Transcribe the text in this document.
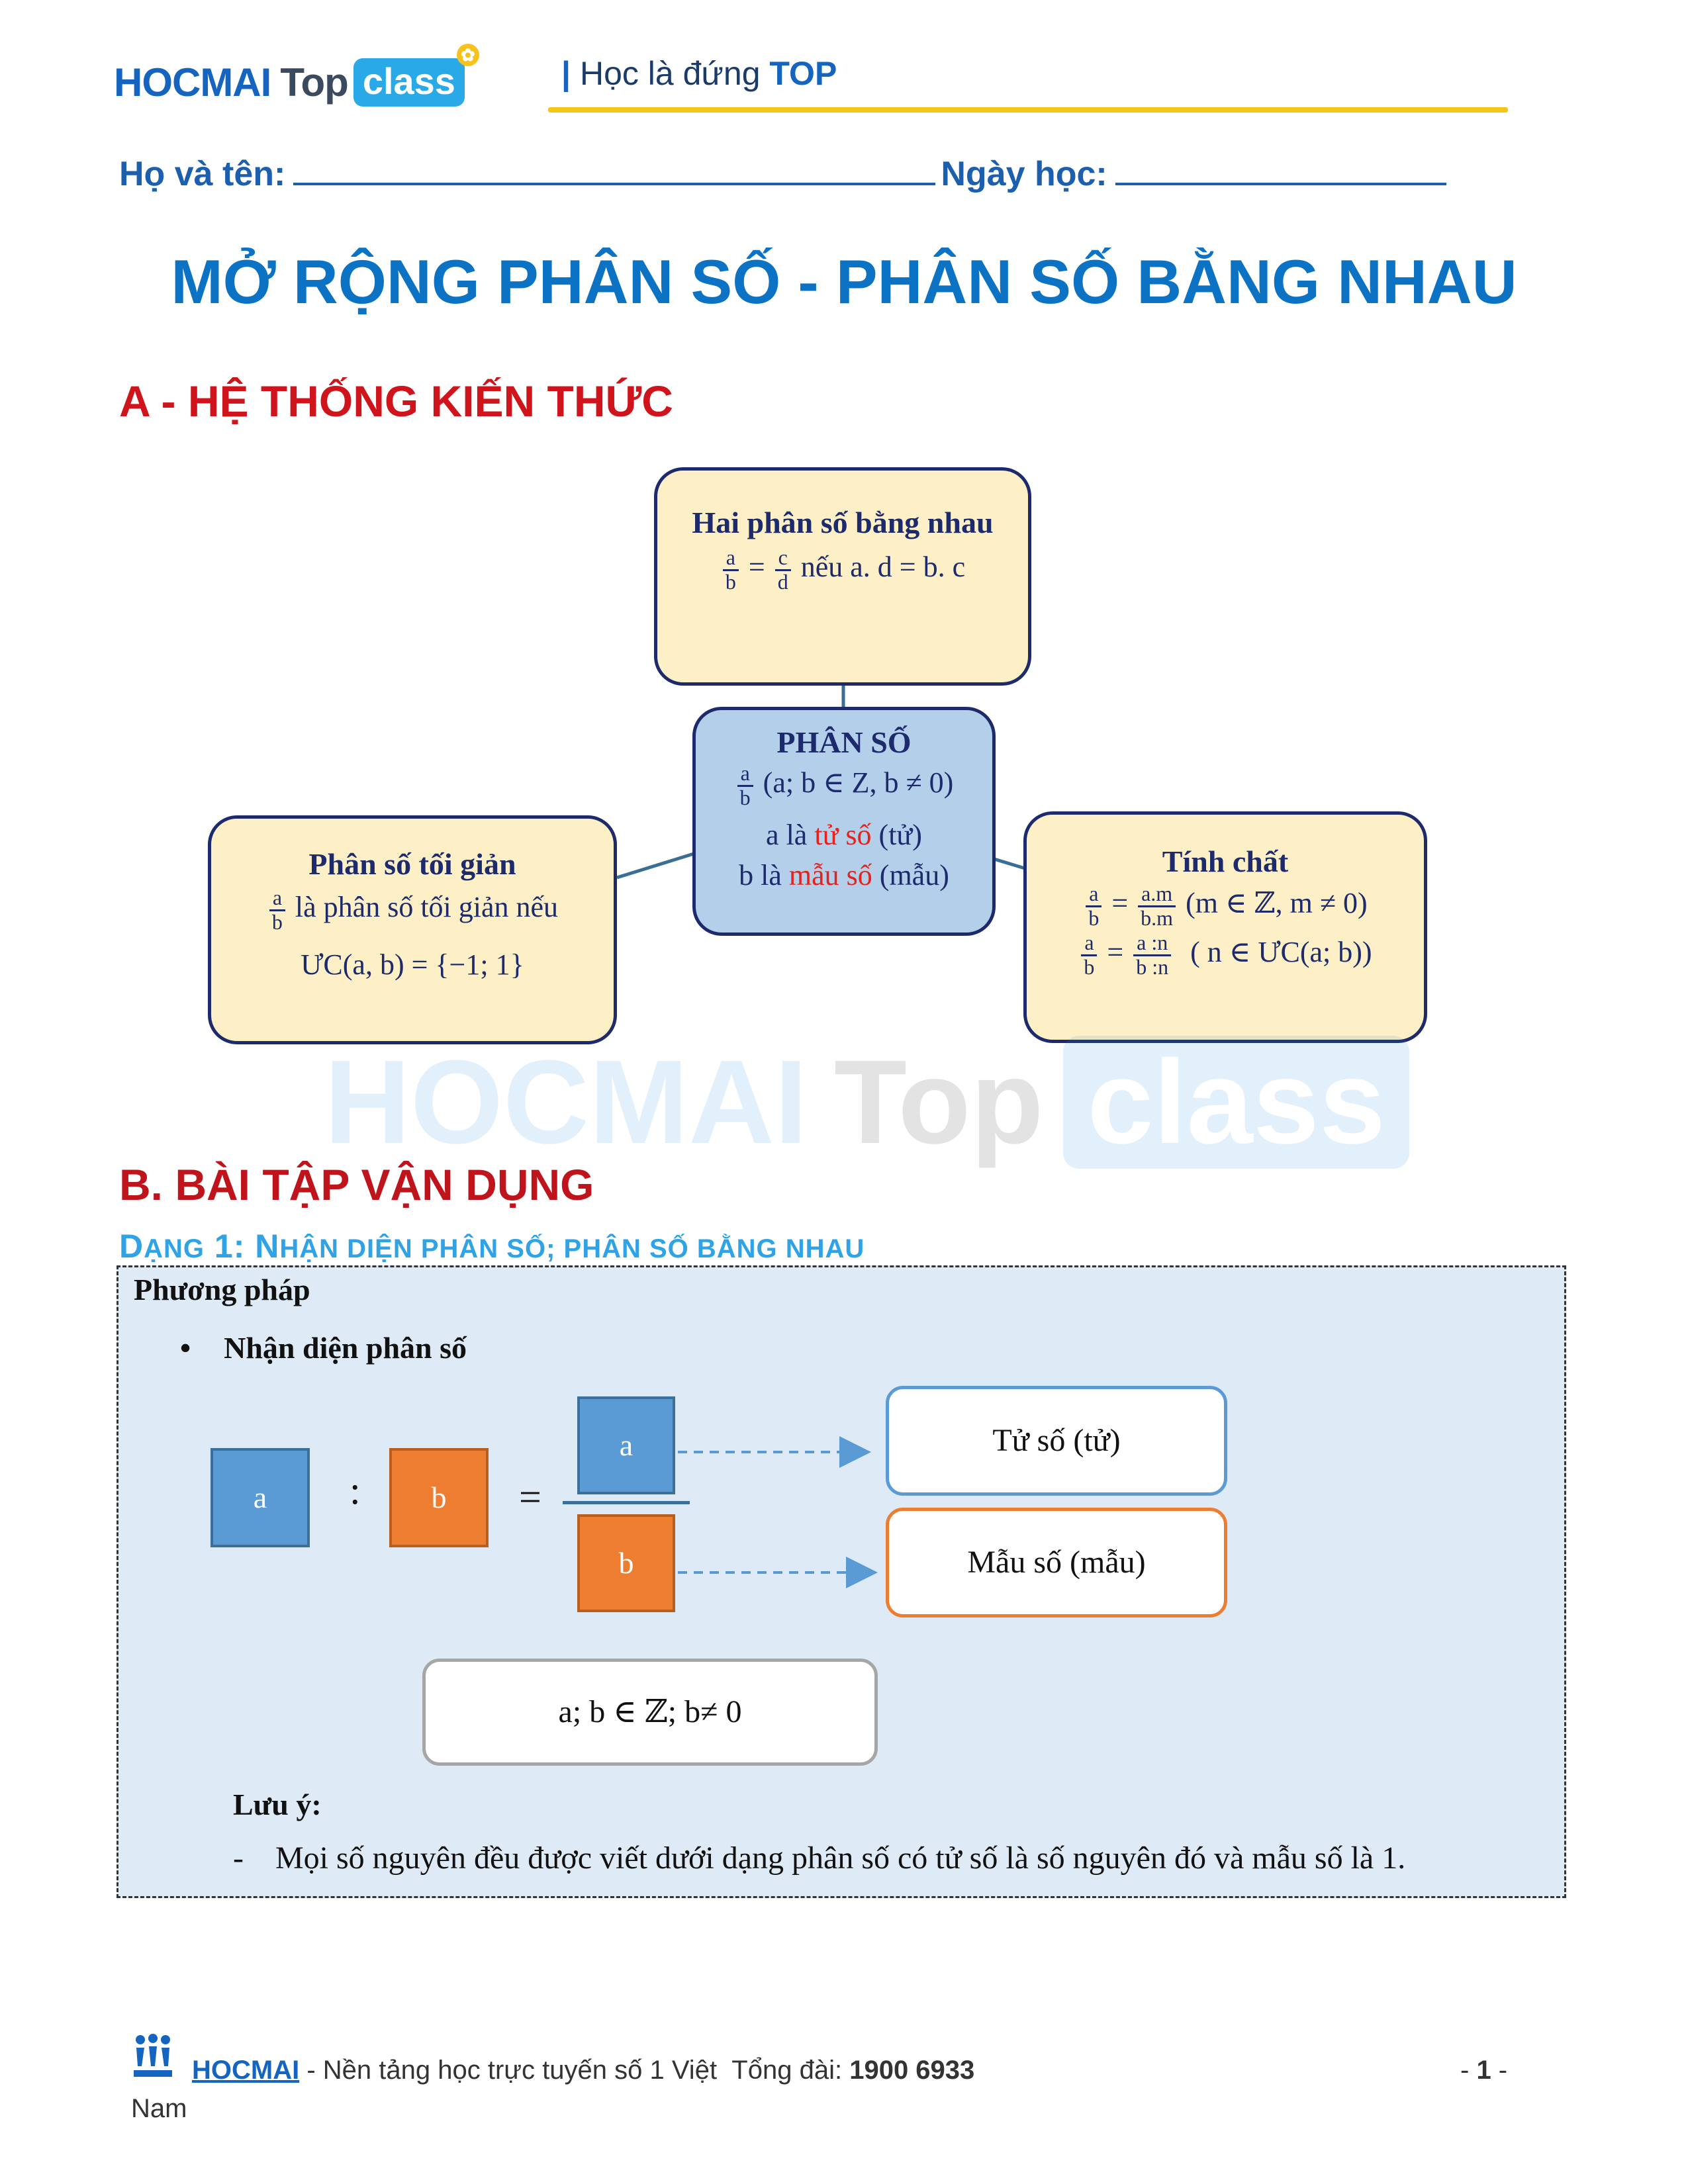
HOCMAI Top class
✿
| Học là đứng TOP
Họ và tên:	Ngày học:
MỞ RỘNG PHÂN SỐ - PHÂN SỐ BẰNG NHAU
A - HỆ THỐNG KIẾN THỨC
Hai phân số bằng nhau
$\frac{a}{b} = \frac{c}{d}$ nếu a. d = b. c
PHÂN SỐ
$\frac{a}{b} (a$; b ∈ Z, b ≠ 0)
a là tử số (tử)
b là mẫu số (mẫu)
Phân số tối giản
$\frac{a}{b}$ là phân số tối giản nếu
ƯC(a, b) = {−1; 1}
Tính chất
$\frac{a}{b} = \frac{a.m}{b.m} (m$ ∈ ℤ, m ≠ 0)
$\frac{a}{b} = \frac{a :n}{b :n}$ ( n ∈ ƯC(a; b))
HOCMAI Top class
B. BÀI TẬP VẬN DỤNG
DẠNG 1: NHẬN DIỆN PHÂN SỐ; PHÂN SỐ BẰNG NHAU
Phương pháp
• Nhận diện phân số
a	:	b	=
a
b
Tử số (tử)
Mẫu số (mẫu)
a; b ∈ ℤ; b≠ 0
Lưu ý:
- Mọi số nguyên đều được viết dưới dạng phân số có tử số là số nguyên đó và mẫu số là 1.
HOCMAI - Nền tảng học trực tuyến số 1 Việt Tổng đài: 1900 6933	- 1 -
Nam
